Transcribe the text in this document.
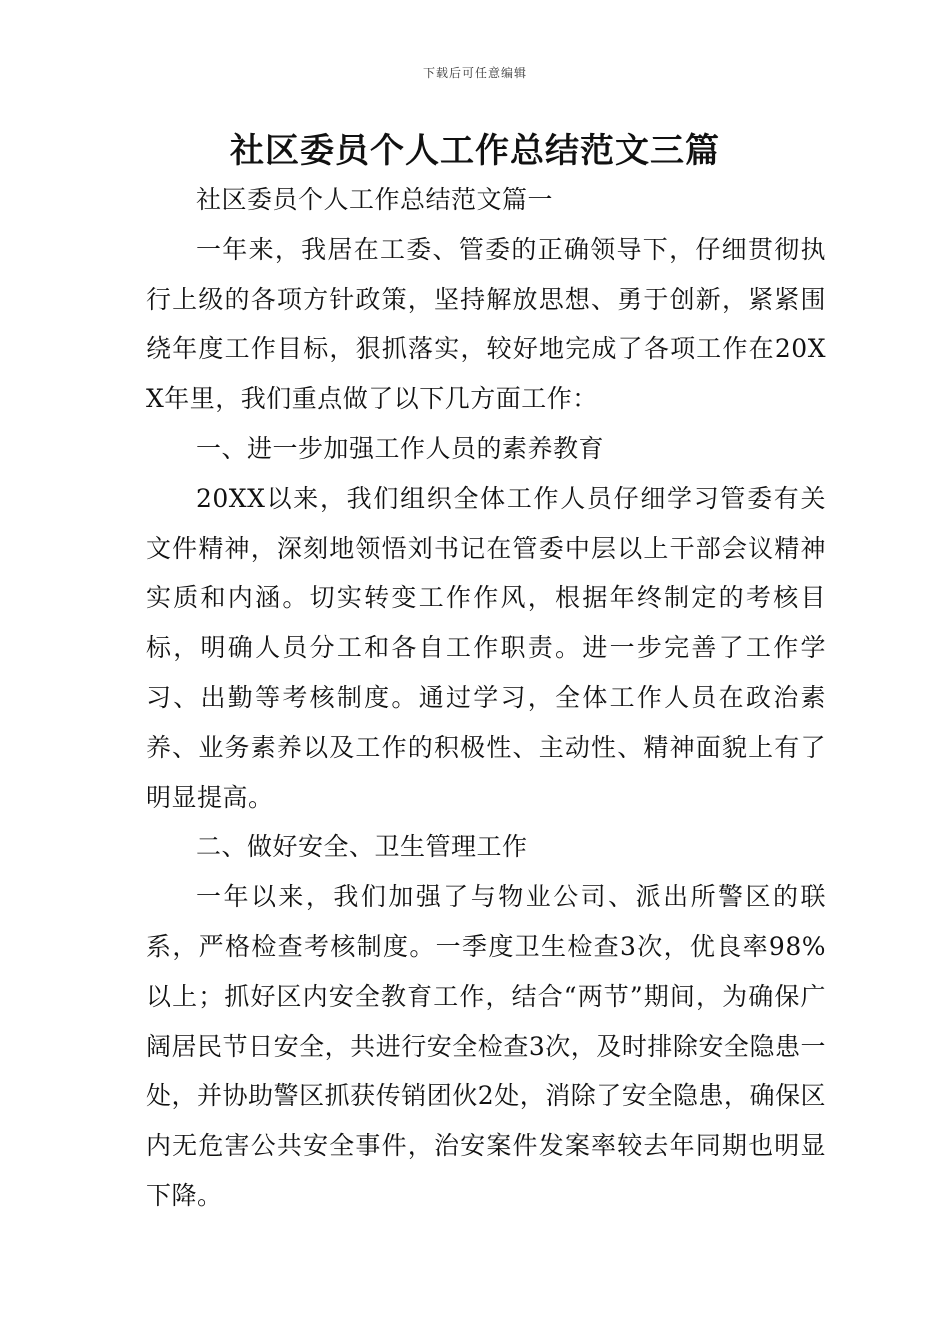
下载后可任意编辑
社区委员个人工作总结范文三篇

社区委员个人工作总结范文篇一

一年来，我居在工委、管委的正确领导下，仔细贯彻执行上级的各项方针政策，坚持解放思想、勇于创新，紧紧围绕年度工作目标，狠抓落实，较好地完成了各项工作在20XX年里，我们重点做了以下几方面工作：

一、进一步加强工作人员的素养教育

20XX以来，我们组织全体工作人员仔细学习管委有关文件精神，深刻地领悟刘书记在管委中层以上干部会议精神实质和内涵。切实转变工作作风，根据年终制定的考核目标，明确人员分工和各自工作职责。进一步完善了工作学习、出勤等考核制度。通过学习，全体工作人员在政治素养、业务素养以及工作的积极性、主动性、精神面貌上有了明显提高。

二、做好安全、卫生管理工作

一年以来，我们加强了与物业公司、派出所警区的联系，严格检查考核制度。一季度卫生检查3次，优良率98%以上；抓好区内安全教育工作，结合“两节”期间，为确保广阔居民节日安全，共进行安全检查3次，及时排除安全隐患一处，并协助警区抓获传销团伙2处，消除了安全隐患，确保区内无危害公共安全事件，治安案件发案率较去年同期也明显下降。
